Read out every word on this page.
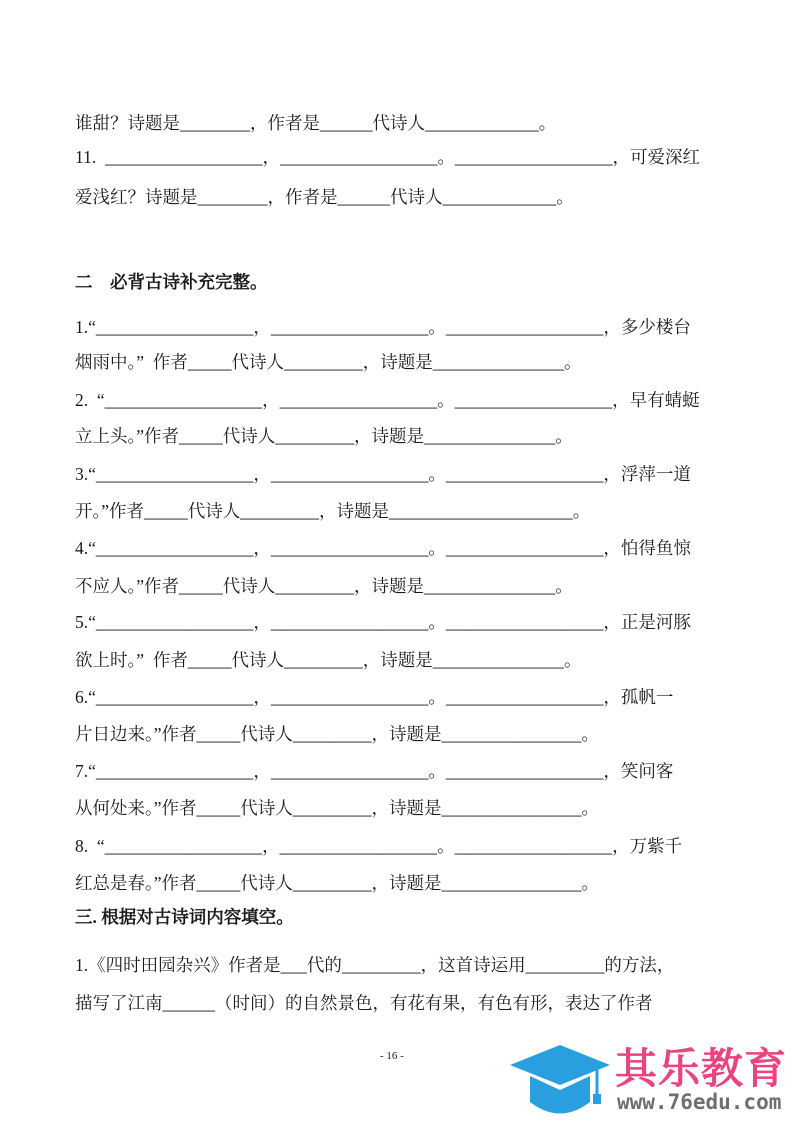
谁甜？诗题是________，作者是______代诗人_____________。
11.  __________________，__________________。__________________，可爱深红
爱浅红？诗题是________，作者是______代诗人_____________。
二　必背古诗补充完整。
1.“__________________，__________________。__________________，多少楼台
烟雨中。”  作者_____代诗人_________，诗题是_______________。
2.  “__________________，__________________。__________________，早有蜻蜓
立上头。”作者_____代诗人_________，诗题是_______________。
3.“__________________，__________________。__________________，浮萍一道
开。”作者_____代诗人_________，诗题是_____________________。
4.“__________________，__________________。__________________，怕得鱼惊
不应人。”作者_____代诗人_________，诗题是_______________。
5.“__________________，__________________。__________________，正是河豚
欲上时。”  作者_____代诗人_________，诗题是_______________。
6.“__________________，__________________。__________________，孤帆一
片日边来。”作者_____代诗人_________，诗题是________________。
7.“__________________，__________________。__________________，笑问客
从何处来。”作者_____代诗人_________，诗题是________________。
8.  “__________________，__________________。__________________，万紫千
红总是春。”作者_____代诗人_________，诗题是________________。
三. 根据对古诗词内容填空。
1.《四时田园杂兴》作者是___代的_________，这首诗运用_________的方法，
描写了江南______（时间）的自然景色，有花有果，有色有形，表达了作者
- 16 -	其乐教育
www.76edu.com
